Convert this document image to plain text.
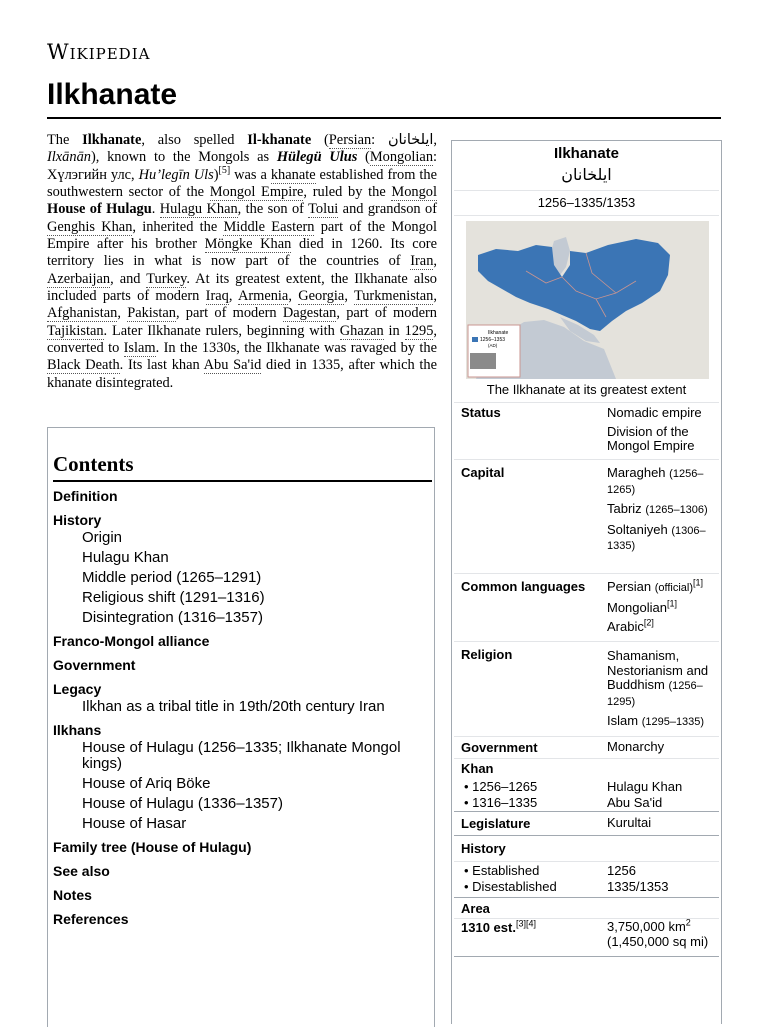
Wikipedia
Ilkhanate
The Ilkhanate, also spelled Il-khanate (Persian: ایلخانان, Ilxānān), known to the Mongols as Hülegü Ulus (Mongolian: Хүлэгийн улс, Hu’legīn Uls)[5] was a khanate established from the southwestern sector of the Mongol Empire, ruled by the Mongol House of Hulagu. Hulagu Khan, the son of Tolui and grandson of Genghis Khan, inherited the Middle Eastern part of the Mongol Empire after his brother Möngke Khan died in 1260. Its core territory lies in what is now part of the countries of Iran, Azerbaijan, and Turkey. At its greatest extent, the Ilkhanate also included parts of modern Iraq, Armenia, Georgia, Turkmenistan, Afghanistan, Pakistan, part of modern Dagestan, part of modern Tajikistan. Later Ilkhanate rulers, beginning with Ghazan in 1295, converted to Islam. In the 1330s, the Ilkhanate was ravaged by the Black Death. Its last khan Abu Sa'id died in 1335, after which the khanate disintegrated.
Contents
Definition
History
Origin
Hulagu Khan
Middle period (1265–1291)
Religious shift (1291–1316)
Disintegration (1316–1357)
Franco-Mongol alliance
Government
Legacy
Ilkhan as a tribal title in 19th/20th century Iran
Ilkhans
House of Hulagu (1256–1335; Ilkhanate Mongol kings)
House of Ariq Böke
House of Hulagu (1336–1357)
House of Hasar
Family tree (House of Hulagu)
See also
Notes
References
Ilkhanate
ایلخانان
1256–1335/1353
Ilkhanate
1256–1353
(AD)
The Ilkhanate at its greatest extent
Status	Nomadic empire
Division of the Mongol Empire
Capital	Maragheh (1256–1265)
Tabriz (1265–1306)
Soltaniyeh (1306–1335)
Common languages Persian (official)[1]
Mongolian[1]
Arabic[2]
Religion	Shamanism, Nestorianism and Buddhism (1256–1295)
Islam (1295–1335)
Government	Monarchy
Khan
• 1256–1265	Hulagu Khan
• 1316–1335	Abu Sa'id
Legislature	Kurultai
History
• Established	1256
• Disestablished	1335/1353
Area
1310 est.[3][4]	3,750,000 $km^2$
(1,450,000 sq mi)
